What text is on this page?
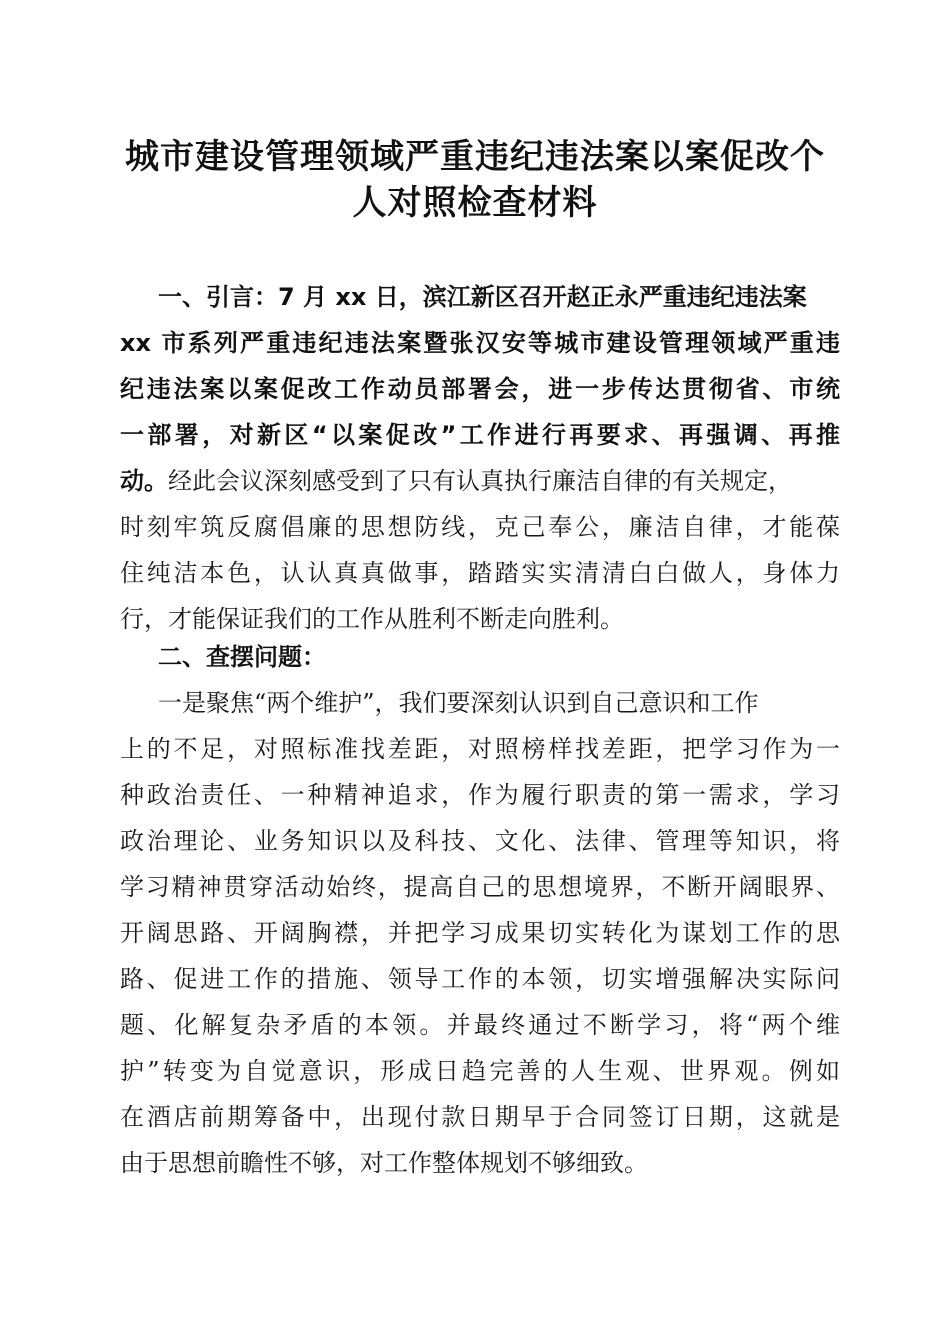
城市建设管理领域严重违纪违法案以案促改个
人对照检查材料
一、引言：7 月 xx 日，滨江新区召开赵正永严重违纪违法案
xx 市系列严重违纪违法案暨张汉安等城市建设管理领域严重违
纪违法案以案促改工作动员部署会，进一步传达贯彻省、市统
一部署，对新区“以案促改”工作进行再要求、再强调、再推
动。经此会议深刻感受到了只有认真执行廉洁自律的有关规定，
时刻牢筑反腐倡廉的思想防线，克己奉公，廉洁自律，才能葆
住纯洁本色，认认真真做事，踏踏实实清清白白做人，身体力
行，才能保证我们的工作从胜利不断走向胜利。
二、查摆问题：
一是聚焦“两个维护”，我们要深刻认识到自己意识和工作
上的不足，对照标准找差距，对照榜样找差距，把学习作为一
种政治责任、一种精神追求，作为履行职责的第一需求，学习
政治理论、业务知识以及科技、文化、法律、管理等知识，将
学习精神贯穿活动始终，提高自己的思想境界，不断开阔眼界、
开阔思路、开阔胸襟，并把学习成果切实转化为谋划工作的思
路、促进工作的措施、领导工作的本领，切实增强解决实际问
题、化解复杂矛盾的本领。并最终通过不断学习，将“两个维
护”转变为自觉意识，形成日趋完善的人生观、世界观。例如
在酒店前期筹备中，出现付款日期早于合同签订日期，这就是
由于思想前瞻性不够，对工作整体规划不够细致。
